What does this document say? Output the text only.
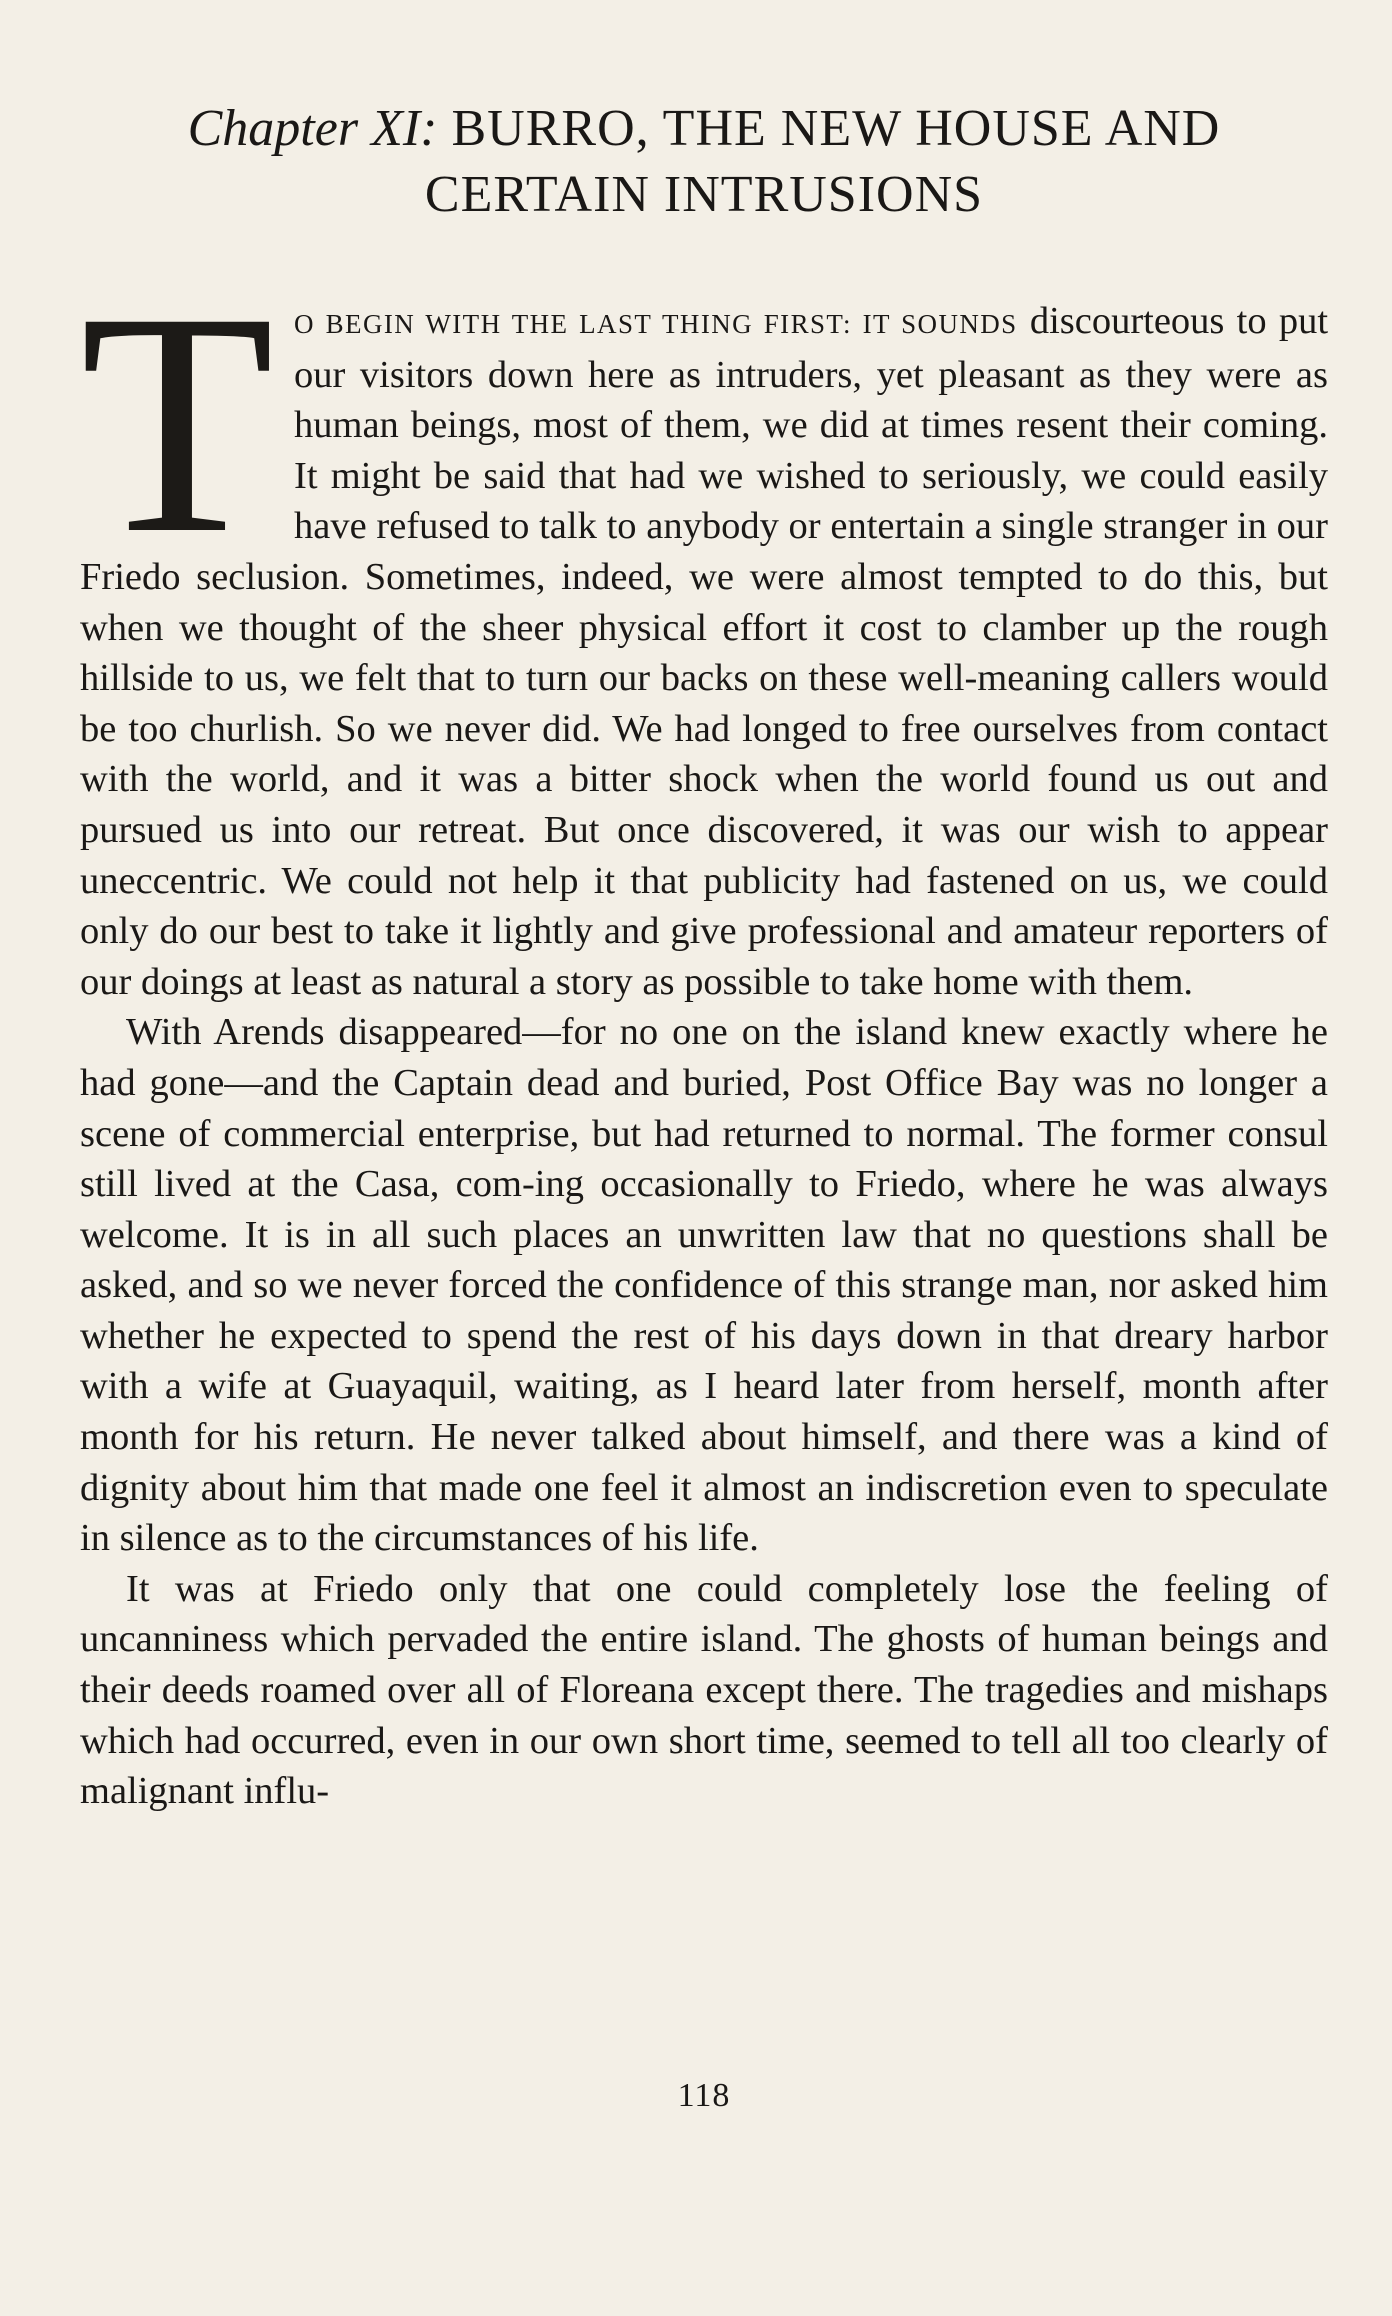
Chapter XI: BURRO, THE NEW HOUSE AND
CERTAIN INTRUSIONS

T O BEGIN WITH THE LAST THING FIRST: IT SOUNDS discourteous to put our visitors down here as intruders, yet pleasant as they were as human beings, most of them, we did at times resent their coming. It might be said that had we wished to seriously, we could easily have refused to talk to anybody or entertain a single stranger in our Friedo seclusion. Sometimes, indeed, we were almost tempted to do this, but when we thought of the sheer physical effort it cost to clamber up the rough hillside to us, we felt that to turn our backs on these well-meaning callers would be too churlish. So we never did. We had longed to free ourselves from contact with the world, and it was a bitter shock when the world found us out and pursued us into our retreat. But once discovered, it was our wish to appear uneccentric. We could not help it that publicity had fastened on us, we could only do our best to take it lightly and give professional and amateur reporters of our doings at least as natural a story as possible to take home with them.

With Arends disappeared—for no one on the island knew exactly where he had gone—and the Captain dead and buried, Post Office Bay was no longer a scene of commercial enterprise, but had returned to normal. The former consul still lived at the Casa, com-ing occasionally to Friedo, where he was always welcome. It is in all such places an unwritten law that no questions shall be asked, and so we never forced the confidence of this strange man, nor asked him whether he expected to spend the rest of his days down in that dreary harbor with a wife at Guayaquil, waiting, as I heard later from herself, month after month for his return. He never talked about himself, and there was a kind of dignity about him that made one feel it almost an indiscretion even to speculate in silence as to the circumstances of his life.

It was at Friedo only that one could completely lose the feeling of uncanniness which pervaded the entire island. The ghosts of human beings and their deeds roamed over all of Floreana except there. The tragedies and mishaps which had occurred, even in our own short time, seemed to tell all too clearly of malignant influ-

118
